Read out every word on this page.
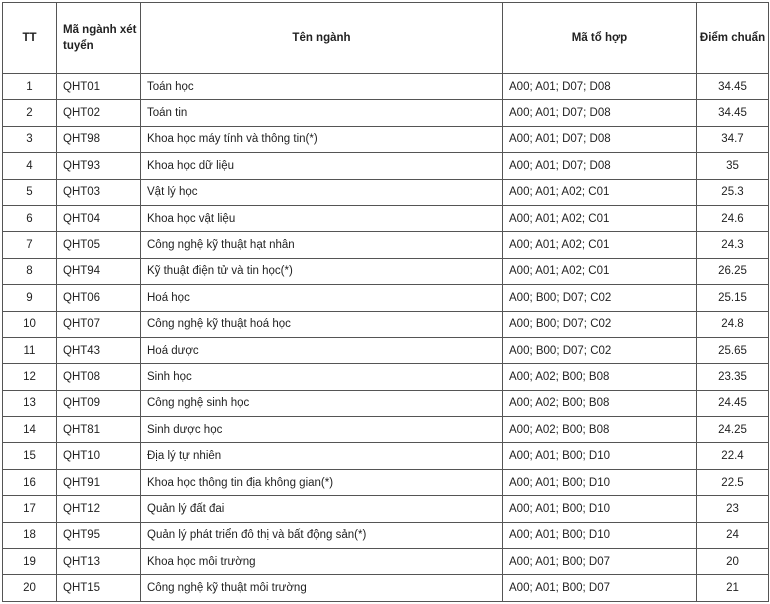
TT	Mã ngành xét tuyển	Tên ngành	Mã tổ hợp	Điểm chuẩn
1	QHT01	Toán học	A00; A01; D07; D08	34.45
2	QHT02	Toán tin	A00; A01; D07; D08	34.45
3	QHT98	Khoa học máy tính và thông tin(*)	A00; A01; D07; D08	34.7
4	QHT93	Khoa học dữ liệu	A00; A01; D07; D08	35
5	QHT03	Vật lý học	A00; A01; A02; C01	25.3
6	QHT04	Khoa học vật liệu	A00; A01; A02; C01	24.6
7	QHT05	Công nghệ kỹ thuật hạt nhân	A00; A01; A02; C01	24.3
8	QHT94	Kỹ thuật điện tử và tin học(*)	A00; A01; A02; C01	26.25
9	QHT06	Hoá học	A00; B00; D07; C02	25.15
10	QHT07	Công nghệ kỹ thuật hoá học	A00; B00; D07; C02	24.8
11	QHT43	Hoá dược	A00; B00; D07; C02	25.65
12	QHT08	Sinh học	A00; A02; B00; B08	23.35
13	QHT09	Công nghệ sinh học	A00; A02; B00; B08	24.45
14	QHT81	Sinh dược học	A00; A02; B00; B08	24.25
15	QHT10	Địa lý tự nhiên	A00; A01; B00; D10	22.4
16	QHT91	Khoa học thông tin địa không gian(*)	A00; A01; B00; D10	22.5
17	QHT12	Quản lý đất đai	A00; A01; B00; D10	23
18	QHT95	Quản lý phát triển đô thị và bất động sản(*)	A00; A01; B00; D10	24
19	QHT13	Khoa học môi trường	A00; A01; B00; D07	20
20	QHT15	Công nghệ kỹ thuật môi trường	A00; A01; B00; D07	21
